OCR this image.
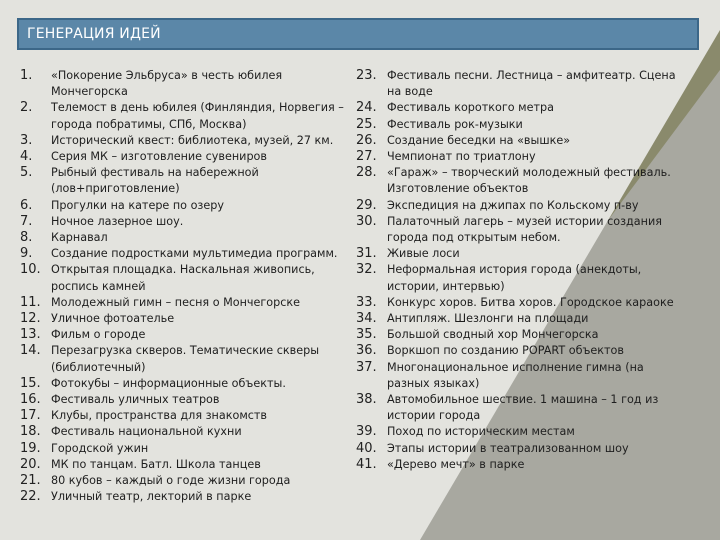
ГЕНЕРАЦИЯ ИДЕЙ
1.	«Покорение Эльбруса» в честь юбилея
Мончегорска
2.	Телемост в день юбилея (Финляндия, Норвегия –
города побратимы, СПб, Москва)
3.	Исторический квест: библиотека, музей, 27 км.
4.	Серия МК – изготовление сувениров
5.	Рыбный фестиваль на набережной
(лов+приготовление)
6.	Прогулки на катере по озеру
7.	Ночное лазерное шоу.
8.	Карнавал
9.	Создание подростками мультимедиа программ.
10. Открытая площадка. Наскальная живопись,
роспись камней
11. Молодежный гимн – песня о Мончегорске
12. Уличное фотоателье
13. Фильм о городе
14. Перезагрузка скверов. Тематические скверы
(библиотечный)
15. Фотокубы – информационные объекты.
16. Фестиваль уличных театров
17. Клубы, пространства для знакомств
18. Фестиваль национальной кухни
19. Городской ужин
20. МК по танцам. Батл. Школа танцев
21. 80 кубов – каждый о годе жизни города
22. Уличный театр, лекторий в парке
23. Фестиваль песни. Лестница – амфитеатр. Сцена
на воде
24. Фестиваль короткого метра
25. Фестиваль рок-музыки
26. Создание беседки на «вышке»
27. Чемпионат по триатлону
28. «Гараж» – творческий молодежный фестиваль.
Изготовление объектов
29. Экспедиция на джипах по Кольскому п-ву
30. Палаточный лагерь – музей истории создания
города под открытым небом.
31. Живые лоси
32. Неформальная история города (анекдоты,
истории, интервью)
33. Конкурс хоров. Битва хоров. Городское караоке
34. Антипляж. Шезлонги на площади
35. Большой сводный хор Мончегорска
36. Воркшоп по созданию POPART объектов
37. Многонациональное исполнение гимна (на
разных языках)
38. Автомобильное шествие. 1 машина – 1 год из
истории города
39. Поход по историческим местам
40. Этапы истории в театрализованном шоу
41. «Дерево мечт» в парке
